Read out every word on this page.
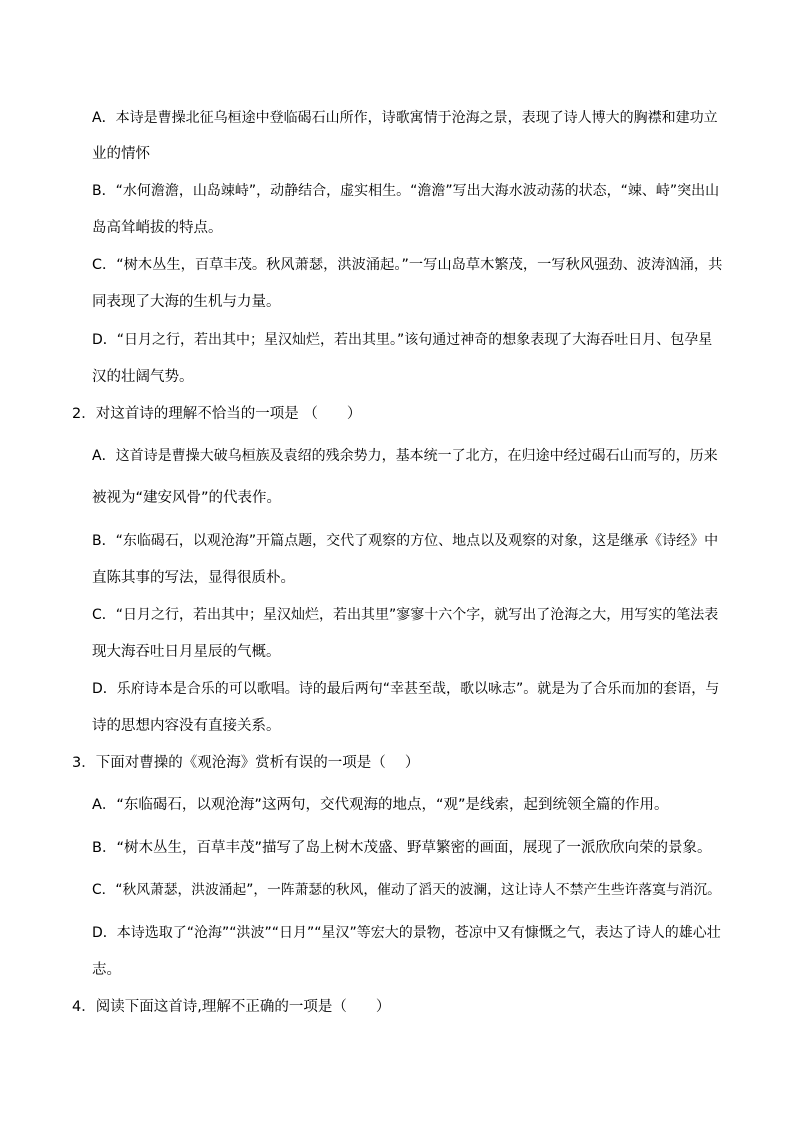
A．本诗是曹操北征乌桓途中登临碣石山所作，诗歌寓情于沧海之景，表现了诗人博大的胸襟和建功立
业的情怀
B．“水何澹澹，山岛竦峙”，动静结合，虚实相生。“澹澹”写出大海水波动荡的状态，“竦、峙”突出山
岛高耸峭拔的特点。
C．“树木丛生，百草丰茂。秋风萧瑟，洪波涌起。”一写山岛草木繁茂，一写秋风强劲、波涛汹涌，共
同表现了大海的生机与力量。
D．“日月之行，若出其中；星汉灿烂，若出其里。”该句通过神奇的想象表现了大海吞吐日月、包孕星
汉的壮阔气势。
2．对这首诗的理解不恰当的一项是 （　　）
A．这首诗是曹操大破乌桓族及袁绍的残余势力，基本统一了北方，在归途中经过碣石山而写的，历来
被视为“建安风骨”的代表作。
B．“东临碣石，以观沧海”开篇点题，交代了观察的方位、地点以及观察的对象，这是继承《诗经》中
直陈其事的写法，显得很质朴。
C．“日月之行，若出其中；星汉灿烂，若出其里”寥寥十六个字，就写出了沧海之大，用写实的笔法表
现大海吞吐日月星辰的气概。
D．乐府诗本是合乐的可以歌唱。诗的最后两句“幸甚至哉，歌以咏志”。就是为了合乐而加的套语，与
诗的思想内容没有直接关系。
3．下面对曹操的《观沧海》赏析有误的一项是（　 ）
A．“东临碣石，以观沧海”这两句，交代观海的地点，“观”是线索，起到统领全篇的作用。
B．“树木丛生，百草丰茂”描写了岛上树木茂盛、野草繁密的画面，展现了一派欣欣向荣的景象。
C．“秋风萧瑟，洪波涌起”，一阵萧瑟的秋风，催动了滔天的波澜，这让诗人不禁产生些许落寞与消沉。
D．本诗选取了“沧海”“洪波”“日月”“星汉”等宏大的景物，苍凉中又有慷慨之气，表达了诗人的雄心壮
志。
4．阅读下面这首诗,理解不正确的一项是（　　）
